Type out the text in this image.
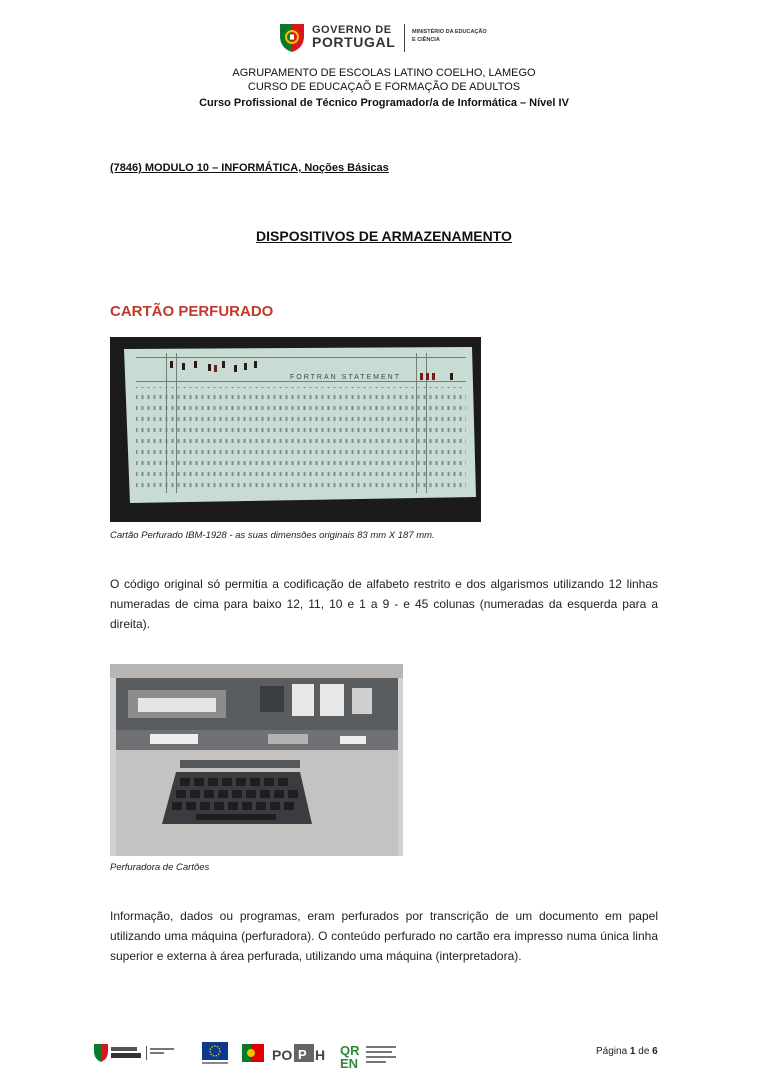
GOVERNO DE
PORTUGAL
MINISTÉRIO DA EDUCAÇÃO
E CIÊNCIA
AGRUPAMENTO DE ESCOLAS LATINO COELHO, LAMEGO
CURSO DE EDUCAÇAÕ E FORMAÇÃO DE ADULTOS
Curso Profissional de Técnico Programador/a de Informática – Nível IV
(7846) MODULO 10 – INFORMÁTICA, Noções Básicas
DISPOSITIVOS DE ARMAZENAMENTO
CARTÃO PERFURADO
FORTRAN STATEMENT
Cartão Perfurado IBM-1928 - as suas dimensões originais 83 mm X 187 mm.
O código original só permitia a codificação de alfabeto restrito e dos algarismos utilizando 12 linhas numeradas de cima para baixo 12, 11, 10 e 1 a 9 - e 45 colunas (numeradas da esquerda para a direita).
Perfuradora de Cartões
Informação, dados ou programas, eram perfurados por transcrição de um documento em papel utilizando uma máquina (perfuradora). O conteúdo perfurado no cartão era impresso numa única linha superior e externa à área perfurada, utilizando uma máquina (interpretadora).
PO P H QR
EN
Página 1 de 6
